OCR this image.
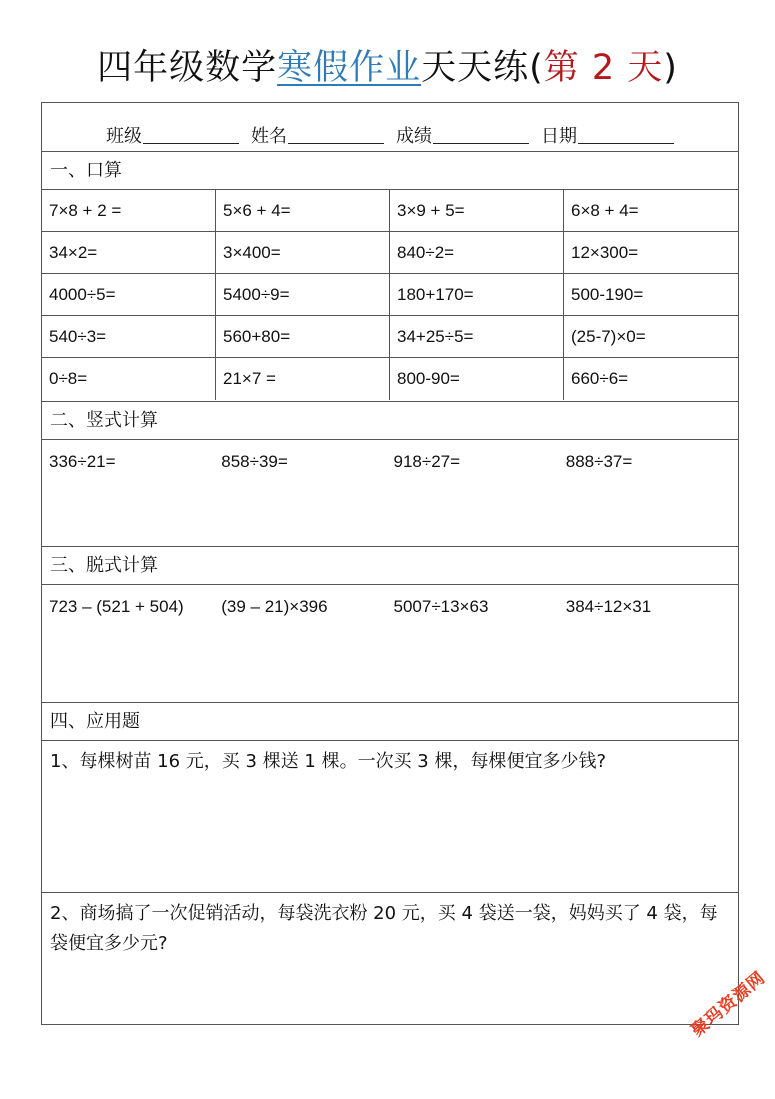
四年级数学寒假作业天天练(第 2 天)
班级	姓名	成绩	日期
一、口算
7×8 + 2 =	5×6 + 4=	3×9 + 5=	6×8 + 4=
34×2=	3×400=	840÷2=	12×300=
4000÷5=	5400÷9=	180+170=	500-190=
540÷3=	560+80=	34+25÷5=	(25-7)×0=
0÷8=	21×7 =	800-90=	660÷6=
二、竖式计算
336÷21=	858÷39=	918÷27=	888÷37=
三、脱式计算
723 – (521 + 504)	(39 – 21)×396	5007÷13×63	384÷12×31
四、应用题
1、每棵树苗 16 元，买 3 棵送 1 棵。一次买 3 棵，每棵便宜多少钱?
2、商场搞了一次促销活动，每袋洗衣粉 20 元，买 4 袋送一袋，妈妈买了 4 袋，每袋便宜多少元?
聚玛资源网
